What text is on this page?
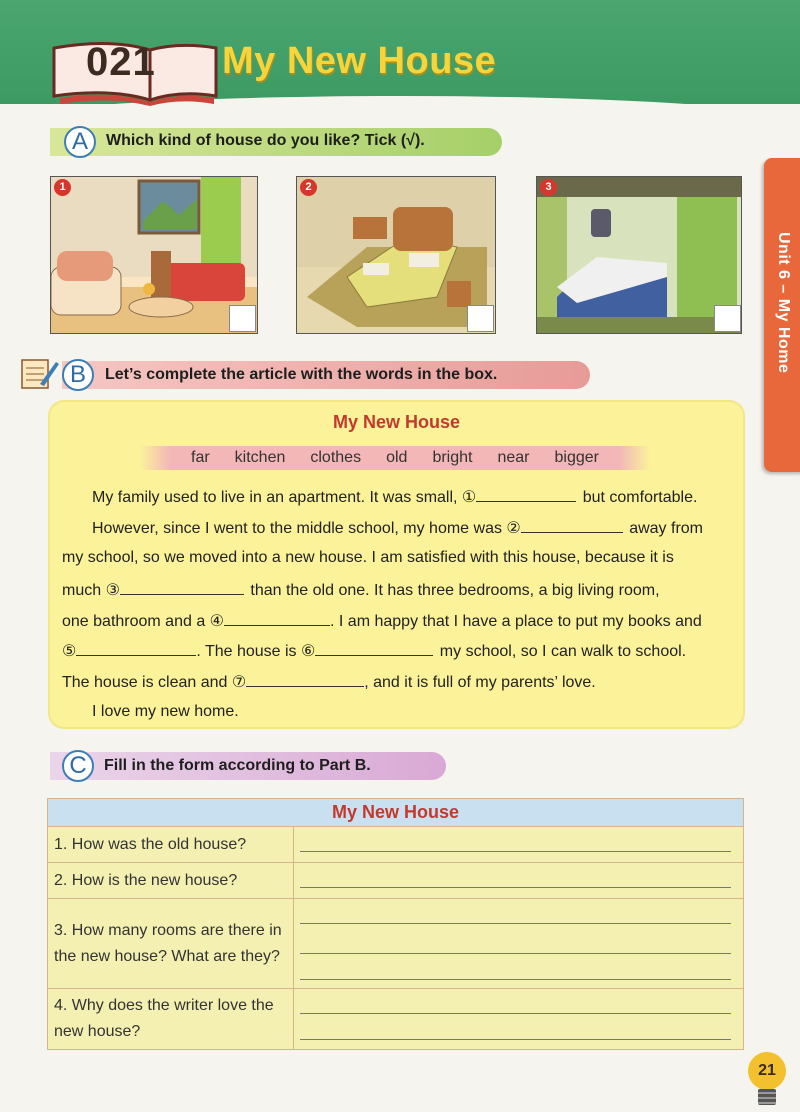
021 My New House
Unit 6 – My Home
A	Which kind of house do you like? Tick (√).
1	2	3
B	Let’s complete the article with the words in the box.
My New House
far kitchen clothes old bright near bigger
My family used to live in an apartment. It was small, ①	but comfortable.
However, since I went to the middle school, my home was ②	away from
my school, so we moved into a new house. I am satisfied with this house, because it is
much ③	than the old one. It has three bedrooms, a big living room,
one bathroom and a ④	. I am happy that I have a place to put my books and
⑤	. The house is ⑥	my school, so I can walk to school.
The house is clean and ⑦	, and it is full of my parents’ love.
I love my new home.
C	Fill in the form according to Part B.
My New House	
1. How was the old house?	

2. How is the new house?	

3. How many rooms are there in the new house? What are they?	

4. Why does the writer love the new house?	
21
